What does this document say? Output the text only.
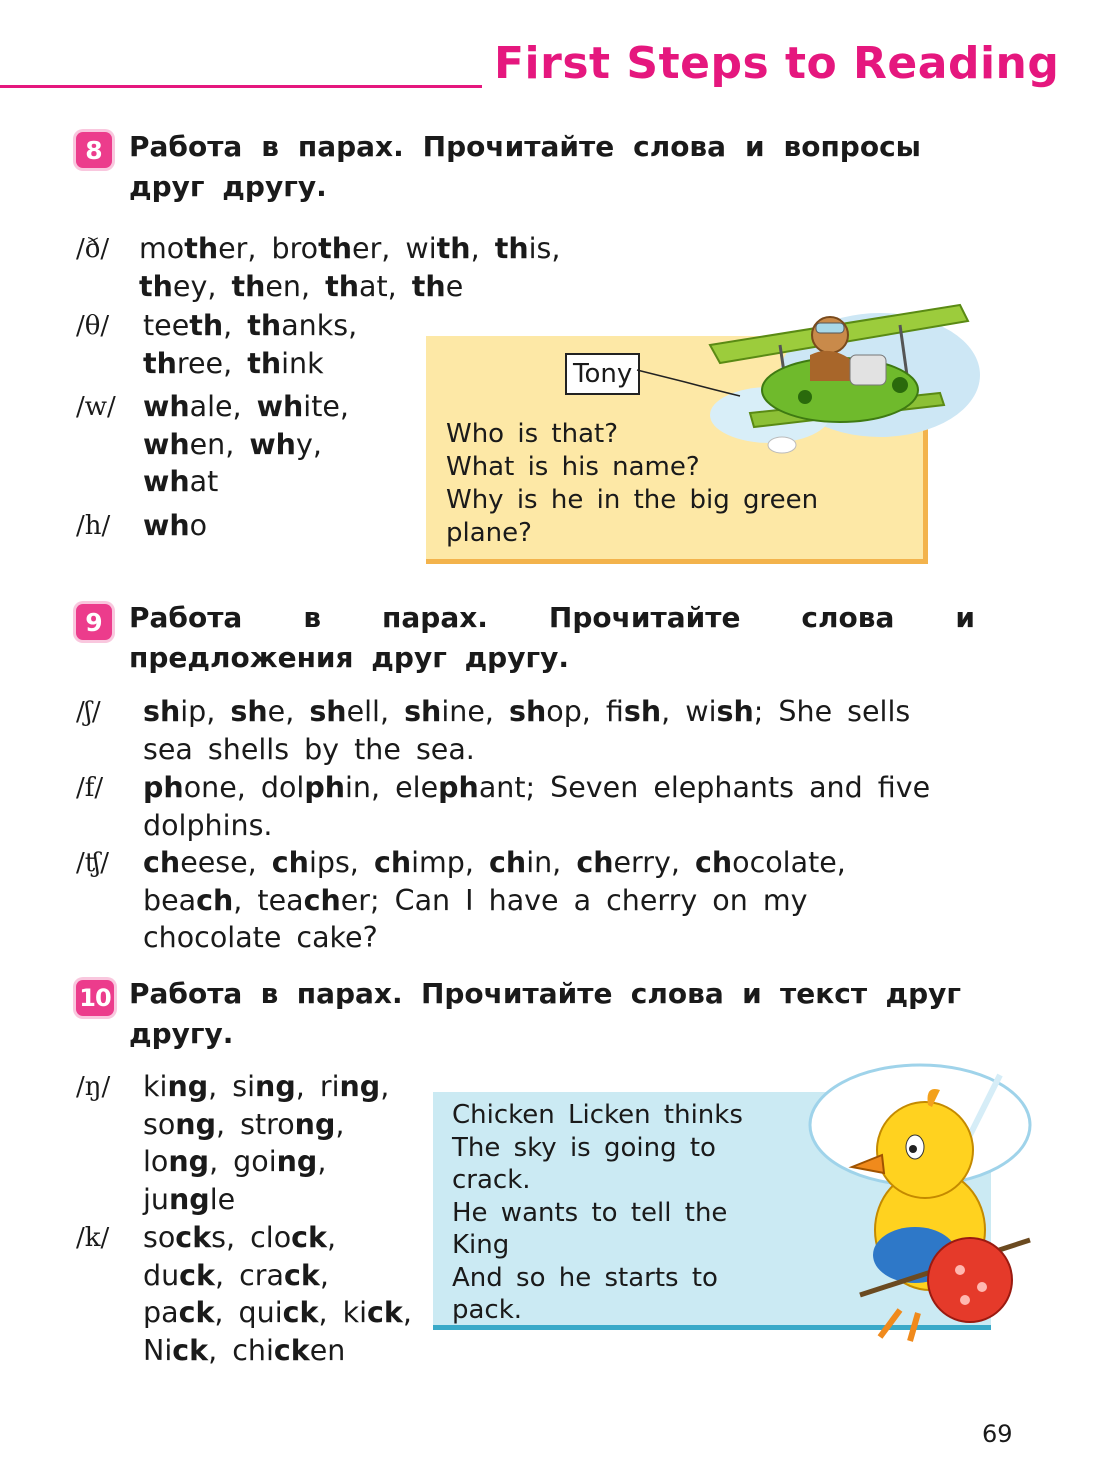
First Steps to Reading
8 Работа в парах. Прочитайте слова и вопросы друг другу.
/ð/ mother, brother, with, this,
they, then, that, the
/θ/ teeth, thanks,
three, think
/w/ whale, white,
when, why,
what
/h/ who
Tony
Who is that?
What is his name?
Why is he in the big green
plane?
9 Работа в парах. Прочитайте слова и предложения друг другу.
/ʃ/ ship, she, shell, shine, shop, fish, wish; She sells
sea shells by the sea.
/f/ phone, dolphin, elephant; Seven elephants and five
dolphins.
/ʧ/ cheese, chips, chimp, chin, cherry, chocolate,
beach, teacher; Can I have a cherry on my
chocolate cake?
10 Работа в парах. Прочитайте слова и текст друг другу.
/ŋ/ king, sing, ring,
song, strong,
long, going,
jungle
/k/ socks, clock,
duck, crack,
pack, quick, kick,
Nick, chicken
Chicken Licken thinks
The sky is going to
crack.
He wants to tell the
King
And so he starts to
pack.
69
